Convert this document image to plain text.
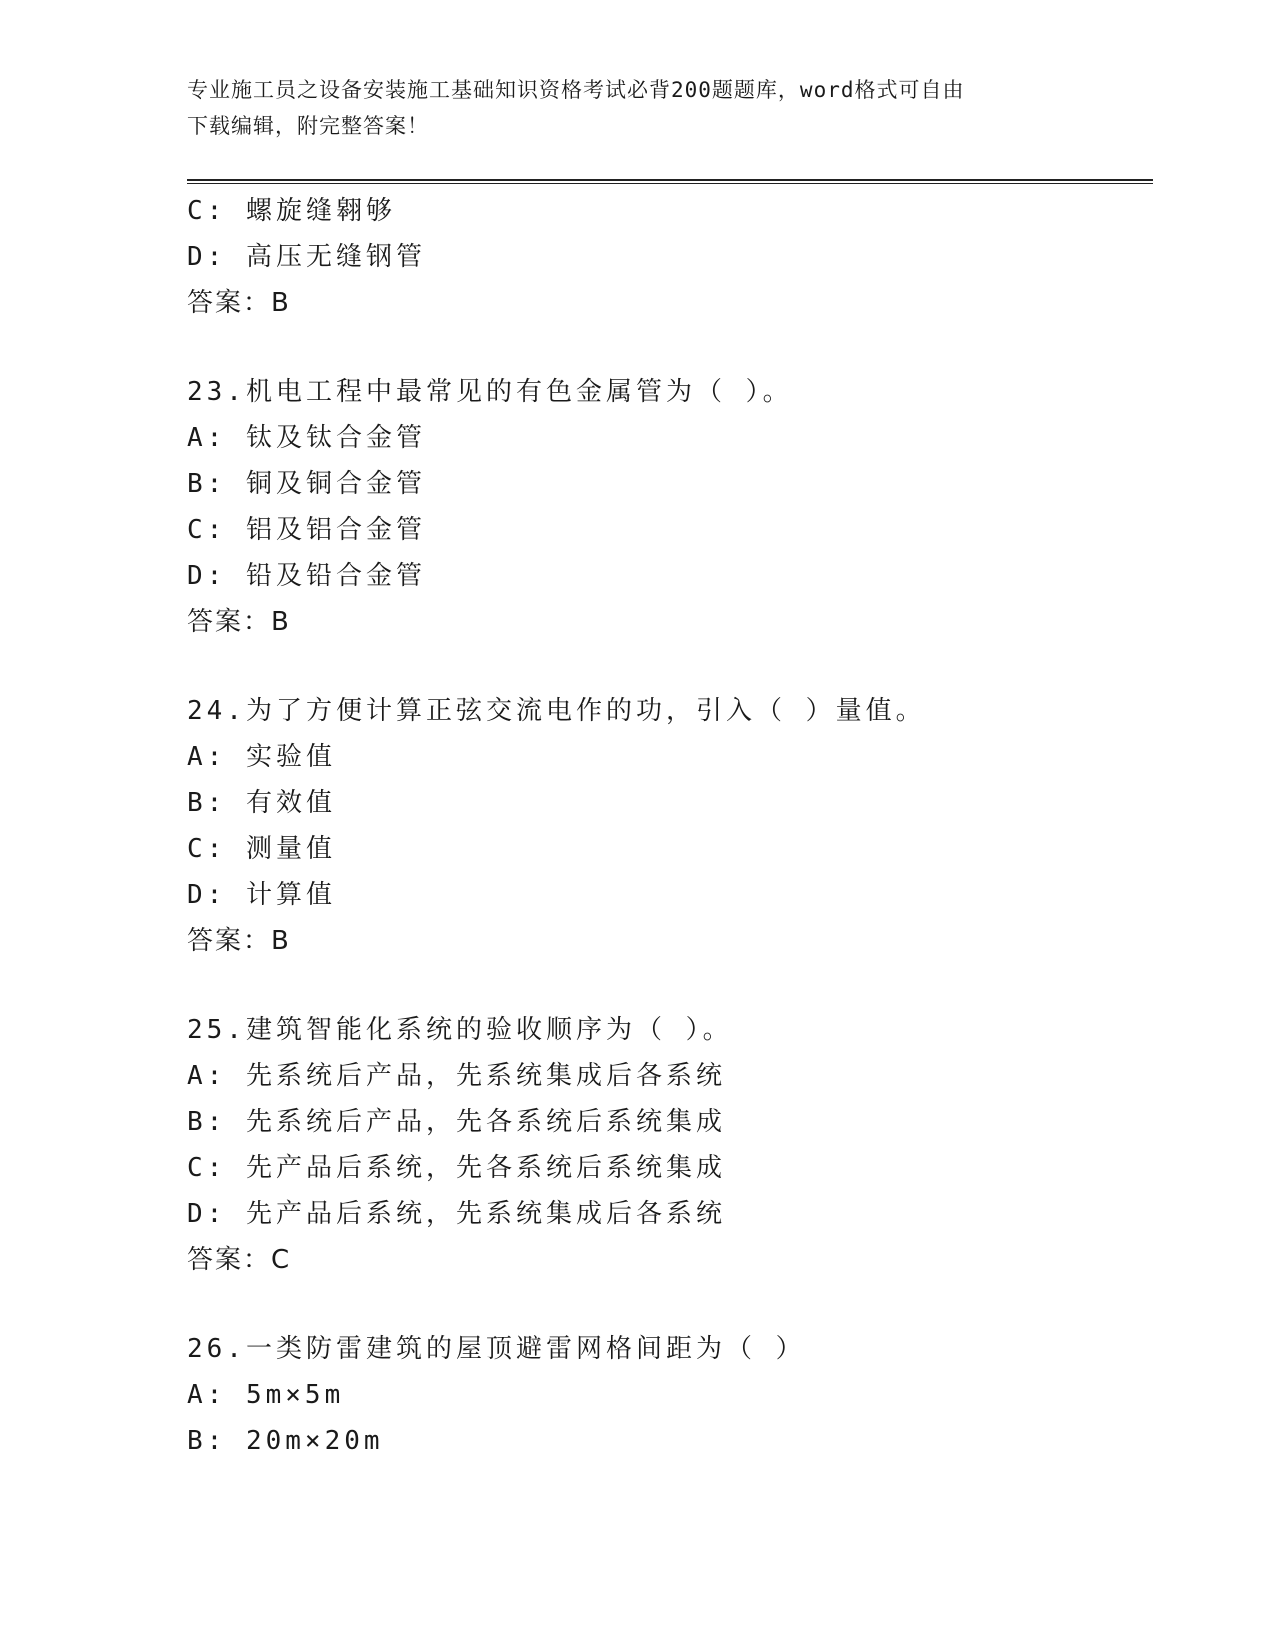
专业施工员之设备安装施工基础知识资格考试必背200题题库，word格式可自由
下载编辑，附完整答案！
C: 螺旋缝翱够
D: 高压无缝钢管
答案：B
23.机电工程中最常见的有色金属管为（ ）。
A: 钛及钛合金管
B: 铜及铜合金管
C: 铝及铝合金管
D: 铅及铅合金管
答案：B
24.为了方便计算正弦交流电作的功，引入（ ）量值。
A: 实验值
B: 有效值
C: 测量值
D: 计算值
答案：B
25.建筑智能化系统的验收顺序为（ ）。
A: 先系统后产品，先系统集成后各系统
B: 先系统后产品，先各系统后系统集成
C: 先产品后系统，先各系统后系统集成
D: 先产品后系统，先系统集成后各系统
答案：C
26.一类防雷建筑的屋顶避雷网格间距为（ ）
A: 5m×5m
B: 20m×20m
